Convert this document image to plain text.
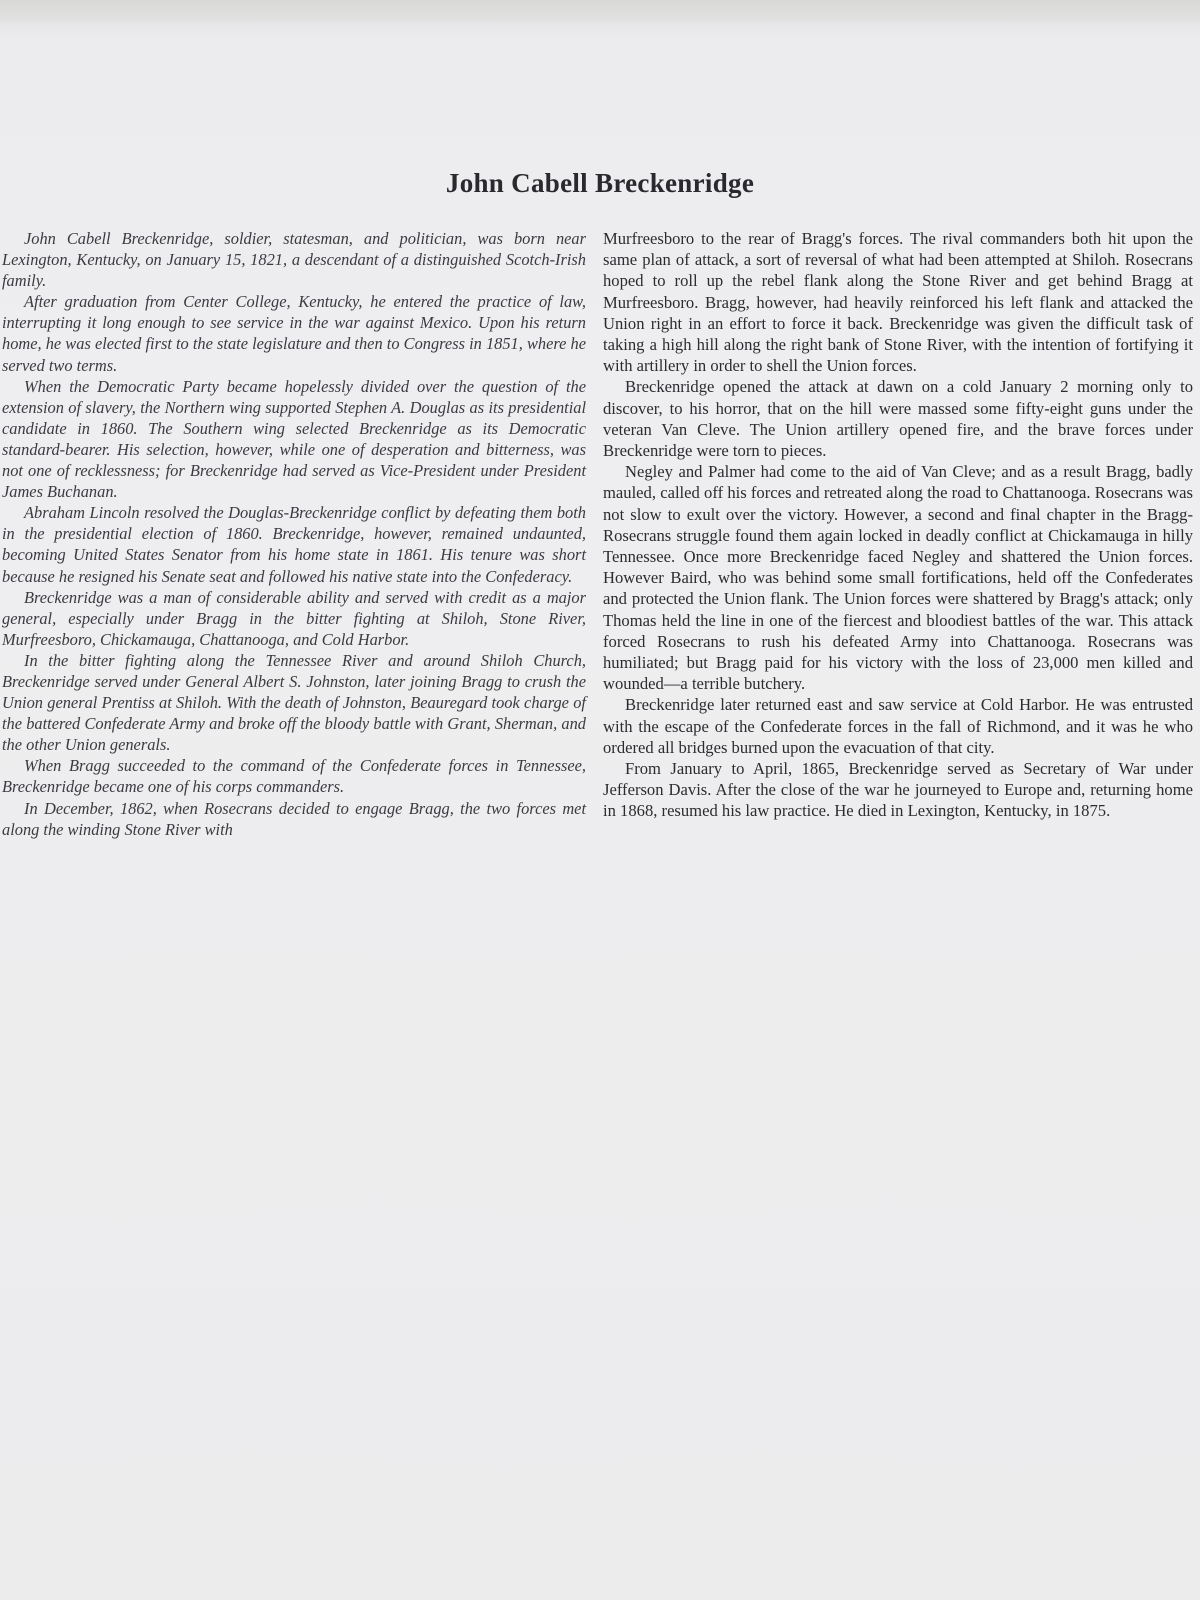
John Cabell Breckenridge

John Cabell Breckenridge, soldier, statesman, and politician, was born near Lexington, Kentucky, on January 15, 1821, a descendant of a distinguished Scotch-Irish family.

After graduation from Center College, Kentucky, he entered the practice of law, interrupting it long enough to see service in the war against Mexico. Upon his return home, he was elected first to the state legislature and then to Congress in 1851, where he served two terms.

When the Democratic Party became hopelessly divided over the question of the extension of slavery, the Northern wing supported Stephen A. Douglas as its presidential candidate in 1860. The Southern wing selected Breckenridge as its Democratic standard-bearer. His selection, however, while one of desperation and bitterness, was not one of recklessness; for Breckenridge had served as Vice-President under President James Buchanan.

Abraham Lincoln resolved the Douglas-Breckenridge conflict by defeating them both in the presidential election of 1860. Breckenridge, however, remained undaunted, becoming United States Senator from his home state in 1861. His tenure was short because he resigned his Senate seat and followed his native state into the Confederacy.

Breckenridge was a man of considerable ability and served with credit as a major general, especially under Bragg in the bitter fighting at Shiloh, Stone River, Murfreesboro, Chickamauga, Chattanooga, and Cold Harbor.

In the bitter fighting along the Tennessee River and around Shiloh Church, Breckenridge served under General Albert S. Johnston, later joining Bragg to crush the Union general Prentiss at Shiloh. With the death of Johnston, Beauregard took charge of the battered Confederate Army and broke off the bloody battle with Grant, Sherman, and the other Union generals.

When Bragg succeeded to the command of the Confederate forces in Tennessee, Breckenridge became one of his corps commanders.

In December, 1862, when Rosecrans decided to engage Bragg, the two forces met along the winding Stone River with

Murfreesboro to the rear of Bragg's forces. The rival commanders both hit upon the same plan of attack, a sort of reversal of what had been attempted at Shiloh. Rosecrans hoped to roll up the rebel flank along the Stone River and get behind Bragg at Murfreesboro. Bragg, however, had heavily reinforced his left flank and attacked the Union right in an effort to force it back. Breckenridge was given the difficult task of taking a high hill along the right bank of Stone River, with the intention of fortifying it with artillery in order to shell the Union forces.

Breckenridge opened the attack at dawn on a cold January 2 morning only to discover, to his horror, that on the hill were massed some fifty-eight guns under the veteran Van Cleve. The Union artillery opened fire, and the brave forces under Breckenridge were torn to pieces.

Negley and Palmer had come to the aid of Van Cleve; and as a result Bragg, badly mauled, called off his forces and retreated along the road to Chattanooga. Rosecrans was not slow to exult over the victory. However, a second and final chapter in the Bragg-Rosecrans struggle found them again locked in deadly conflict at Chickamauga in hilly Tennessee. Once more Breckenridge faced Negley and shattered the Union forces. However Baird, who was behind some small fortifications, held off the Confederates and protected the Union flank. The Union forces were shattered by Bragg's attack; only Thomas held the line in one of the fiercest and bloodiest battles of the war. This attack forced Rosecrans to rush his defeated Army into Chattanooga. Rosecrans was humiliated; but Bragg paid for his victory with the loss of 23,000 men killed and wounded—a terrible butchery.

Breckenridge later returned east and saw service at Cold Harbor. He was entrusted with the escape of the Confederate forces in the fall of Richmond, and it was he who ordered all bridges burned upon the evacuation of that city.

From January to April, 1865, Breckenridge served as Secretary of War under Jefferson Davis. After the close of the war he journeyed to Europe and, returning home in 1868, resumed his law practice. He died in Lexington, Kentucky, in 1875.
